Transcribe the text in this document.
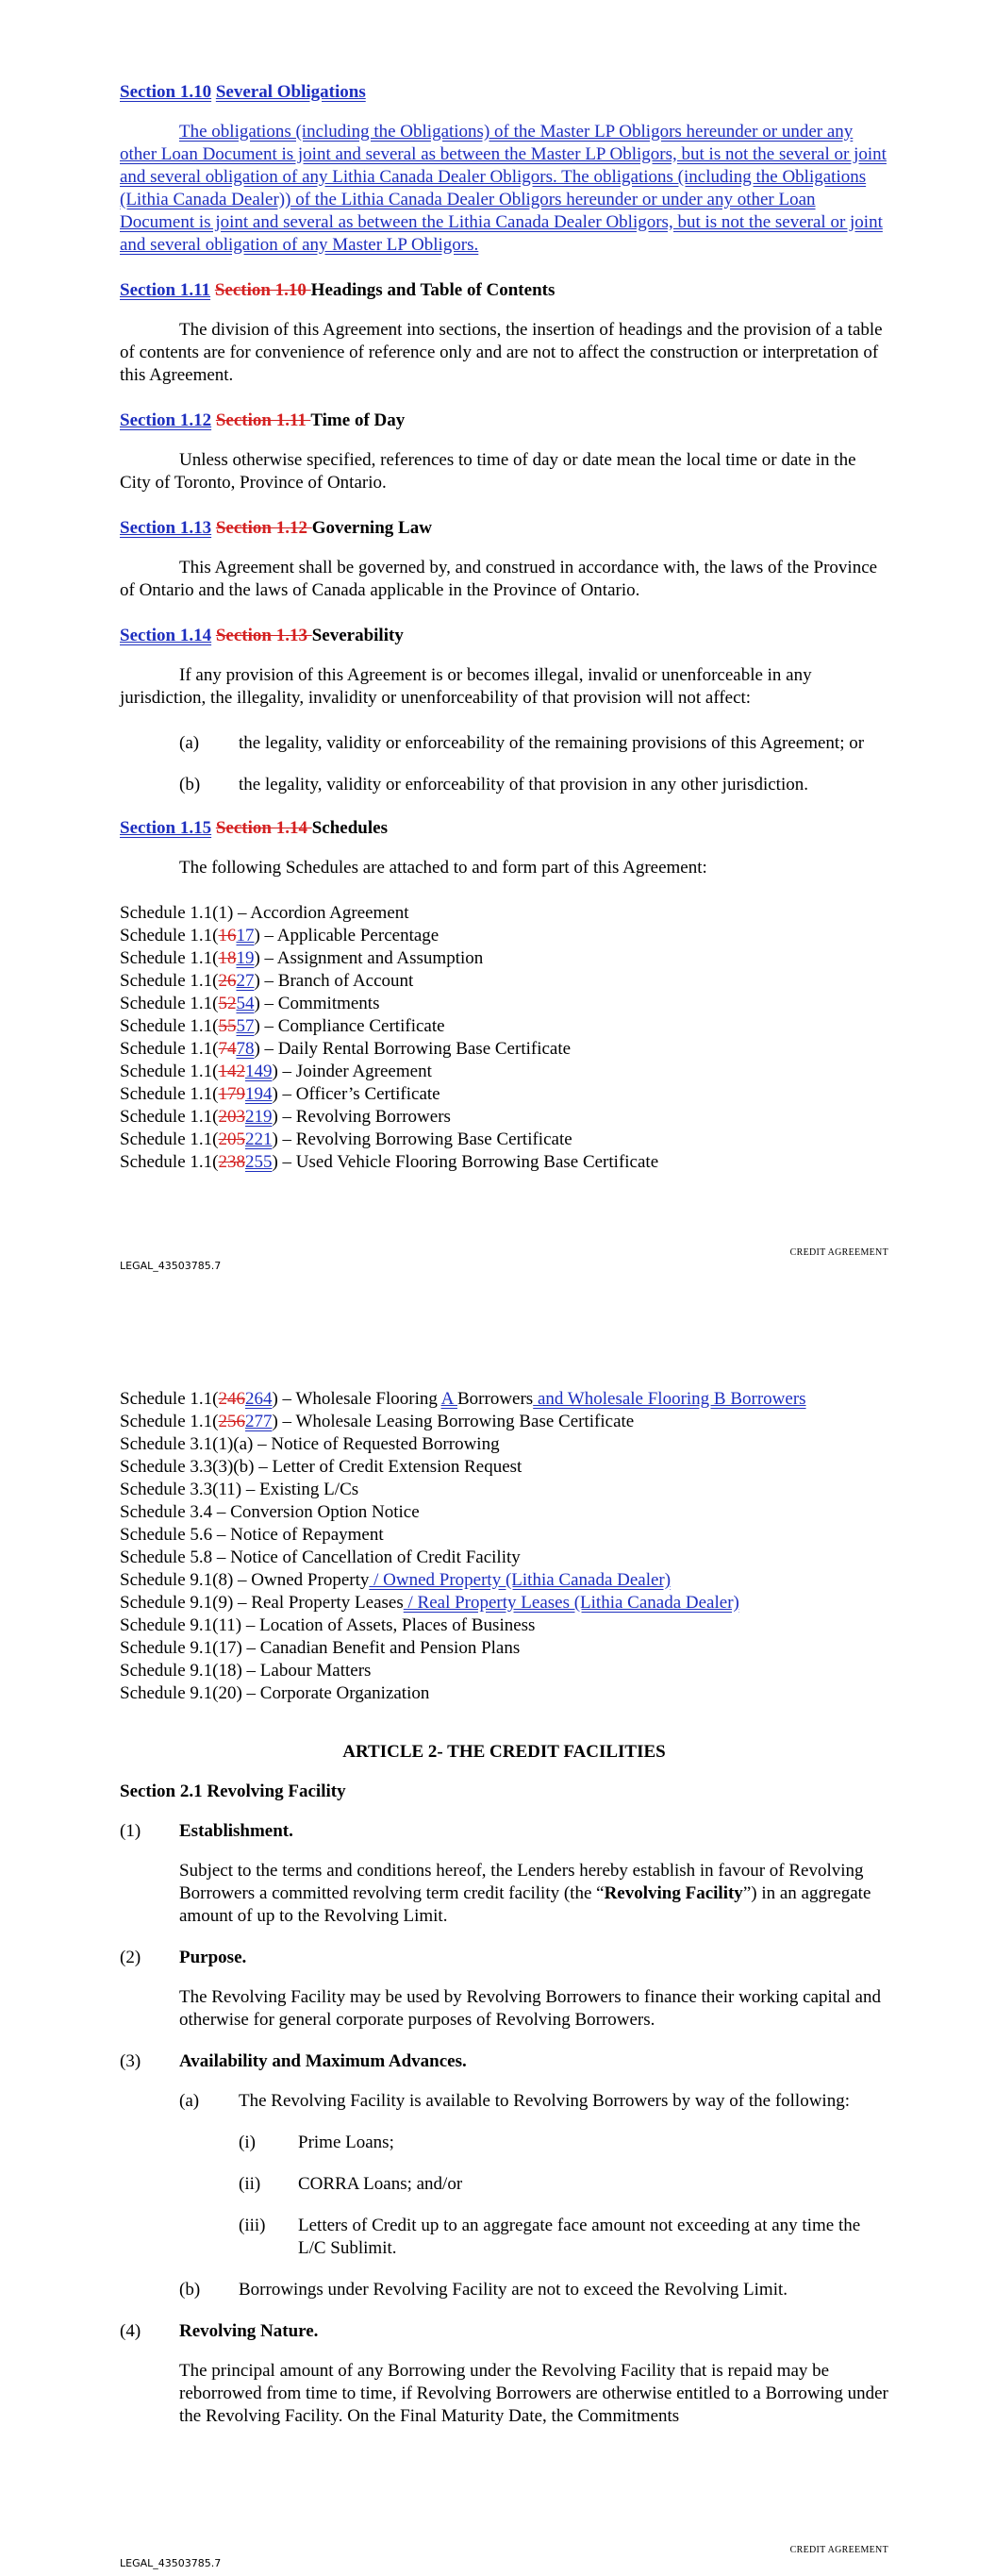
Section 1.10 Several Obligations

The obligations (including the Obligations) of the Master LP Obligors hereunder or under any other Loan Document is joint and several as between the Master LP Obligors, but is not the several or joint and several obligation of any Lithia Canada Dealer Obligors. The obligations (including the Obligations (Lithia Canada Dealer)) of the Lithia Canada Dealer Obligors hereunder or under any other Loan Document is joint and several as between the Lithia Canada Dealer Obligors, but is not the several or joint and several obligation of any Master LP Obligors.

Section 1.11 Section 1.10 Headings and Table of Contents

The division of this Agreement into sections, the insertion of headings and the provision of a table of contents are for convenience of reference only and are not to affect the construction or interpretation of this Agreement.

Section 1.12 Section 1.11 Time of Day

Unless otherwise specified, references to time of day or date mean the local time or date in the City of Toronto, Province of Ontario.

Section 1.13 Section 1.12 Governing Law

This Agreement shall be governed by, and construed in accordance with, the laws of the Province of Ontario and the laws of Canada applicable in the Province of Ontario.

Section 1.14 Section 1.13 Severability

If any provision of this Agreement is or becomes illegal, invalid or unenforceable in any jurisdiction, the illegality, invalidity or unenforceability of that provision will not affect:

(a)	the legality, validity or enforceability of the remaining provisions of this Agreement; or
(b)	the legality, validity or enforceability of that provision in any other jurisdiction.
Section 1.15 Section 1.14 Schedules

The following Schedules are attached to and form part of this Agreement:

Schedule 1.1(1) – Accordion Agreement
Schedule 1.1(1617) – Applicable Percentage
Schedule 1.1(1819) – Assignment and Assumption
Schedule 1.1(2627) – Branch of Account
Schedule 1.1(5254) – Commitments
Schedule 1.1(5557) – Compliance Certificate
Schedule 1.1(7478) – Daily Rental Borrowing Base Certificate
Schedule 1.1(142149) – Joinder Agreement
Schedule 1.1(179194) – Officer’s Certificate
Schedule 1.1(203219) – Revolving Borrowers
Schedule 1.1(205221) – Revolving Borrowing Base Certificate
Schedule 1.1(238255) – Used Vehicle Flooring Borrowing Base Certificate
CREDIT AGREEMENT
LEGAL_43503785.7
Schedule 1.1(246264) – Wholesale Flooring A Borrowers and Wholesale Flooring B Borrowers
Schedule 1.1(256277) – Wholesale Leasing Borrowing Base Certificate
Schedule 3.1(1)(a) – Notice of Requested Borrowing
Schedule 3.3(3)(b) – Letter of Credit Extension Request
Schedule 3.3(11) – Existing L/Cs
Schedule 3.4 – Conversion Option Notice
Schedule 5.6 – Notice of Repayment
Schedule 5.8 – Notice of Cancellation of Credit Facility
Schedule 9.1(8) – Owned Property / Owned Property (Lithia Canada Dealer)
Schedule 9.1(9) – Real Property Leases / Real Property Leases (Lithia Canada Dealer)
Schedule 9.1(11) – Location of Assets, Places of Business
Schedule 9.1(17) – Canadian Benefit and Pension Plans
Schedule 9.1(18) – Labour Matters
Schedule 9.1(20) – Corporate Organization
ARTICLE 2- THE CREDIT FACILITIES
Section 2.1 Revolving Facility
(1)	Establishment.

Subject to the terms and conditions hereof, the Lenders hereby establish in favour of Revolving Borrowers a committed revolving term credit facility (the “Revolving Facility”) in an aggregate amount of up to the Revolving Limit.

(2)	Purpose.

The Revolving Facility may be used by Revolving Borrowers to finance their working capital and otherwise for general corporate purposes of Revolving Borrowers.

(3)	Availability and Maximum Advances.
(a)	The Revolving Facility is available to Revolving Borrowers by way of the following:
(i)	Prime Loans;
(ii)	CORRA Loans; and/or
(iii)	Letters of Credit up to an aggregate face amount not exceeding at any time the L/C Sublimit.
(b)	Borrowings under Revolving Facility are not to exceed the Revolving Limit.
(4)	Revolving Nature.

The principal amount of any Borrowing under the Revolving Facility that is repaid may be reborrowed from time to time, if Revolving Borrowers are otherwise entitled to a Borrowing under the Revolving Facility. On the Final Maturity Date, the Commitments

CREDIT AGREEMENT
LEGAL_43503785.7
